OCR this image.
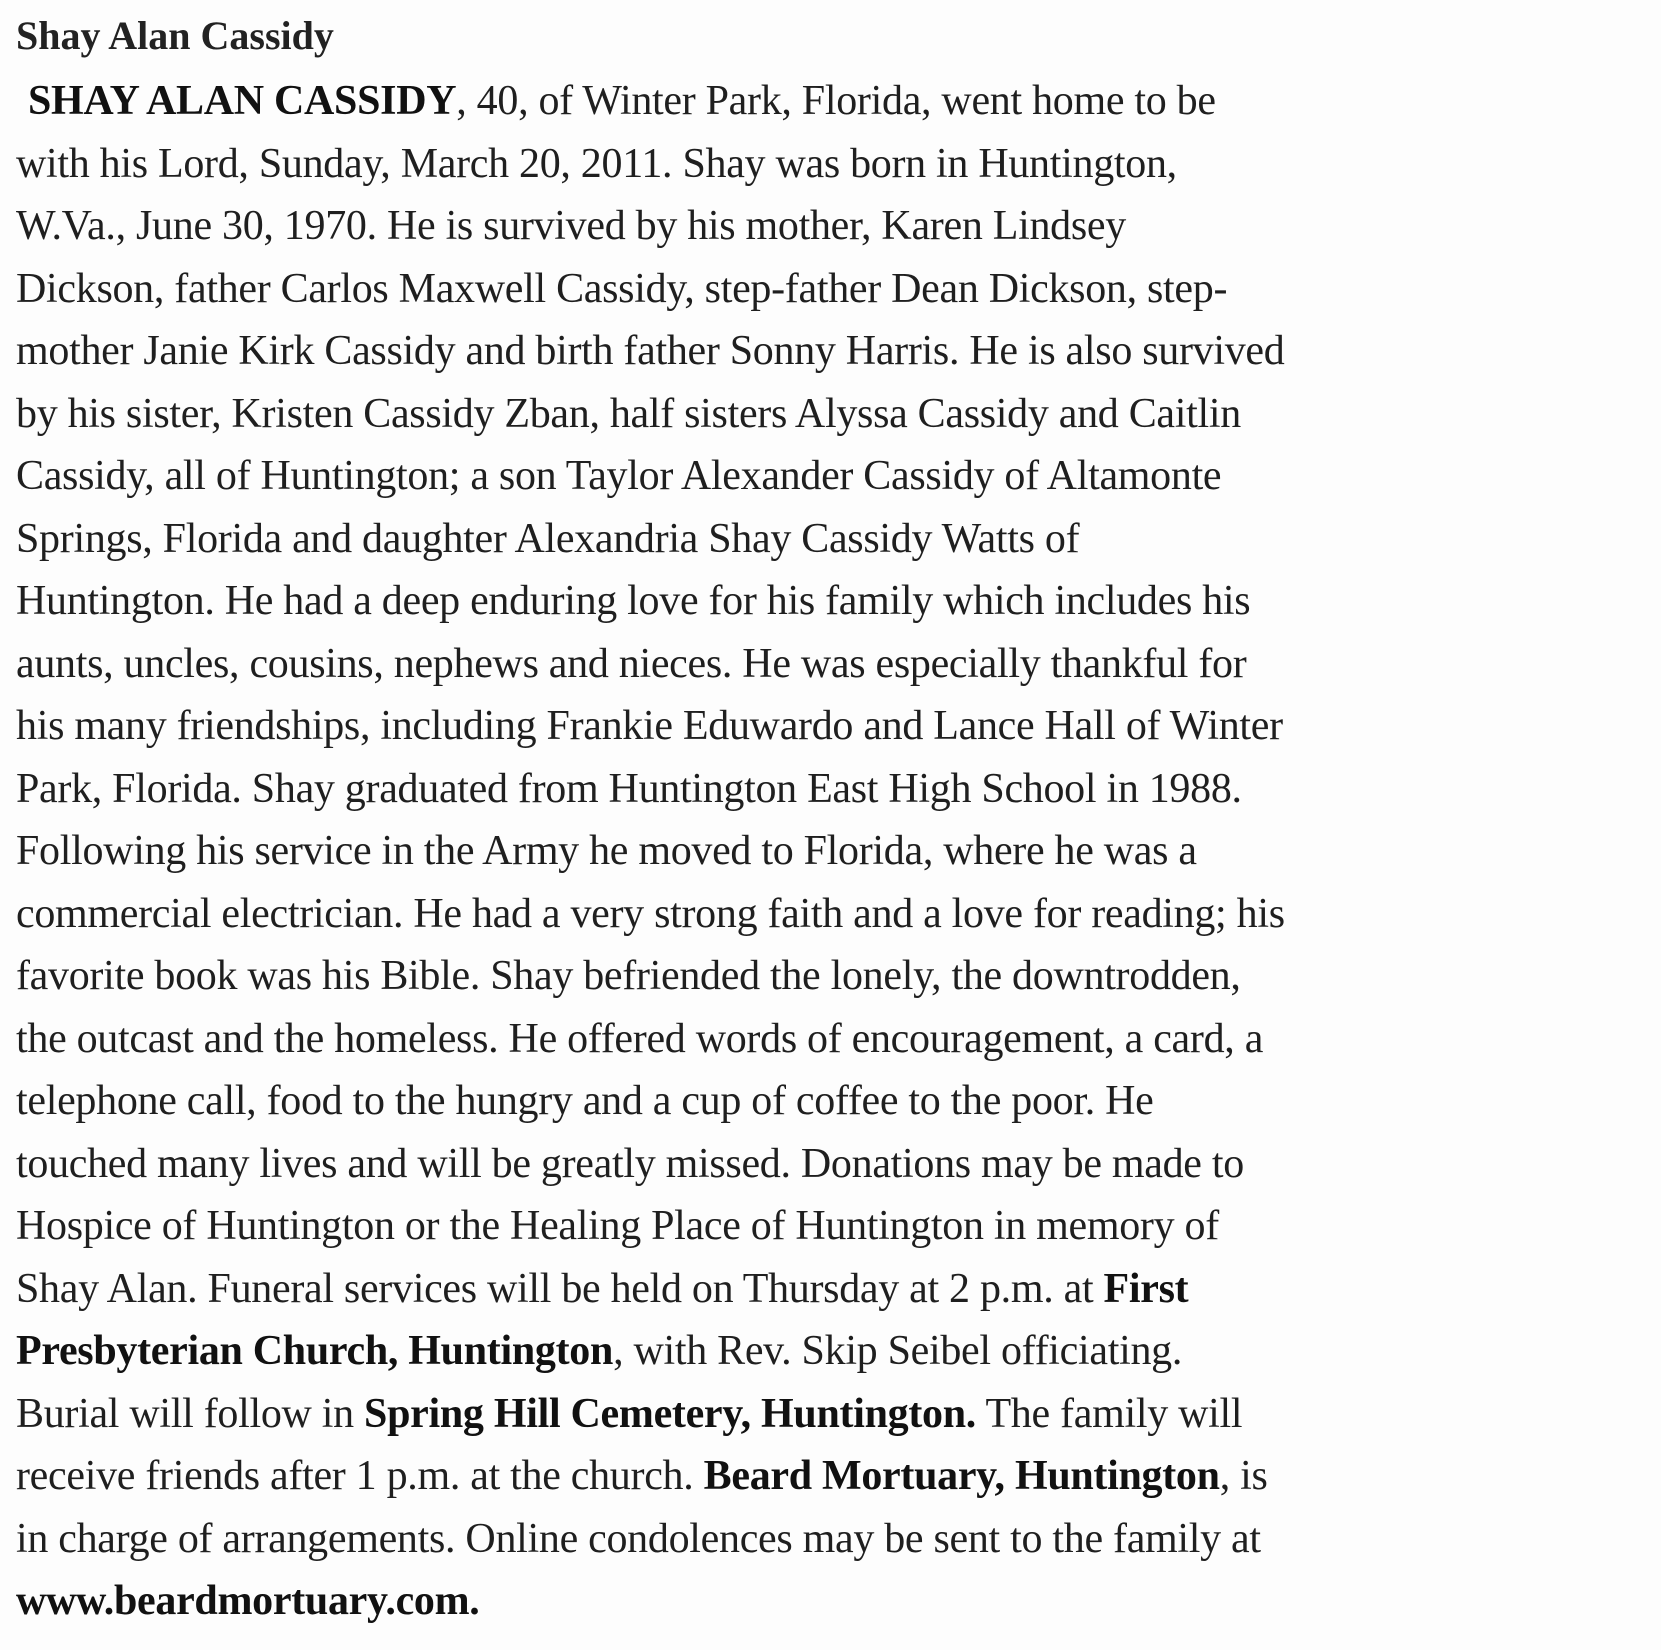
Shay Alan Cassidy
SHAY ALAN CASSIDY, 40, of Winter Park, Florida, went home to be
with his Lord, Sunday, March 20, 2011. Shay was born in Huntington,
W.Va., June 30, 1970. He is survived by his mother, Karen Lindsey
Dickson, father Carlos Maxwell Cassidy, step-father Dean Dickson, step-
mother Janie Kirk Cassidy and birth father Sonny Harris. He is also survived
by his sister, Kristen Cassidy Zban, half sisters Alyssa Cassidy and Caitlin
Cassidy, all of Huntington; a son Taylor Alexander Cassidy of Altamonte
Springs, Florida and daughter Alexandria Shay Cassidy Watts of
Huntington. He had a deep enduring love for his family which includes his
aunts, uncles, cousins, nephews and nieces. He was especially thankful for
his many friendships, including Frankie Eduwardo and Lance Hall of Winter
Park, Florida. Shay graduated from Huntington East High School in 1988.
Following his service in the Army he moved to Florida, where he was a
commercial electrician. He had a very strong faith and a love for reading; his
favorite book was his Bible. Shay befriended the lonely, the downtrodden,
the outcast and the homeless. He offered words of encouragement, a card, a
telephone call, food to the hungry and a cup of coffee to the poor. He
touched many lives and will be greatly missed. Donations may be made to
Hospice of Huntington or the Healing Place of Huntington in memory of
Shay Alan. Funeral services will be held on Thursday at 2 p.m. at First
Presbyterian Church, Huntington, with Rev. Skip Seibel officiating.
Burial will follow in Spring Hill Cemetery, Huntington. The family will
receive friends after 1 p.m. at the church. Beard Mortuary, Huntington, is
in charge of arrangements. Online condolences may be sent to the family at
www.beardmortuary.com.
